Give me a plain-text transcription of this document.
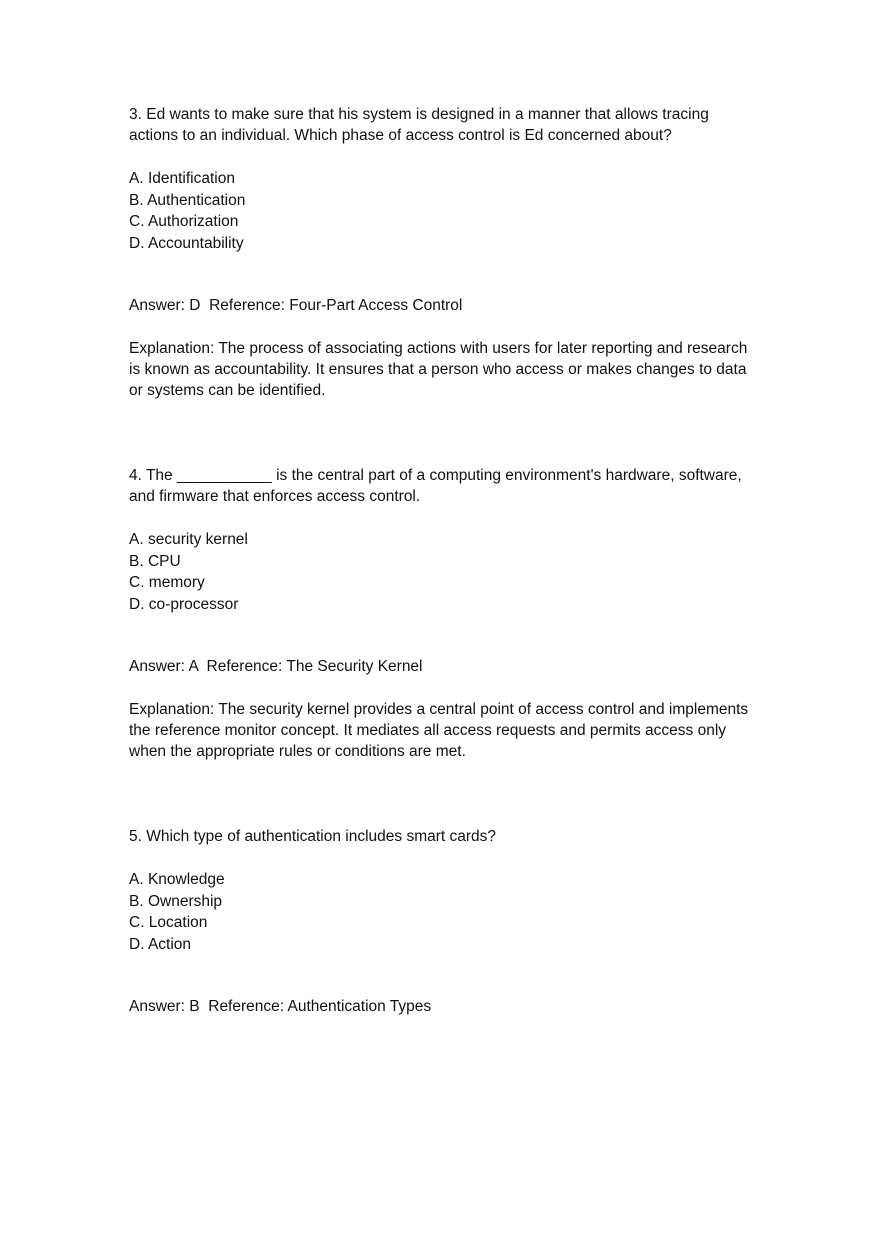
3. Ed wants to make sure that his system is designed in a manner that allows tracing actions to an individual. Which phase of access control is Ed concerned about?

A. Identification
B. Authentication
C. Authorization
D. Accountability

Answer: D  Reference: Four-Part Access Control

Explanation: The process of associating actions with users for later reporting and research is known as accountability. It ensures that a person who access or makes changes to data or systems can be identified.

4. The ___________ is the central part of a computing environment's hardware, software, and firmware that enforces access control.

A. security kernel
B. CPU
C. memory
D. co-processor

Answer: A  Reference: The Security Kernel

Explanation: The security kernel provides a central point of access control and implements the reference monitor concept. It mediates all access requests and permits access only when the appropriate rules or conditions are met.

5. Which type of authentication includes smart cards?

A. Knowledge
B. Ownership
C. Location
D. Action

Answer: B  Reference: Authentication Types
